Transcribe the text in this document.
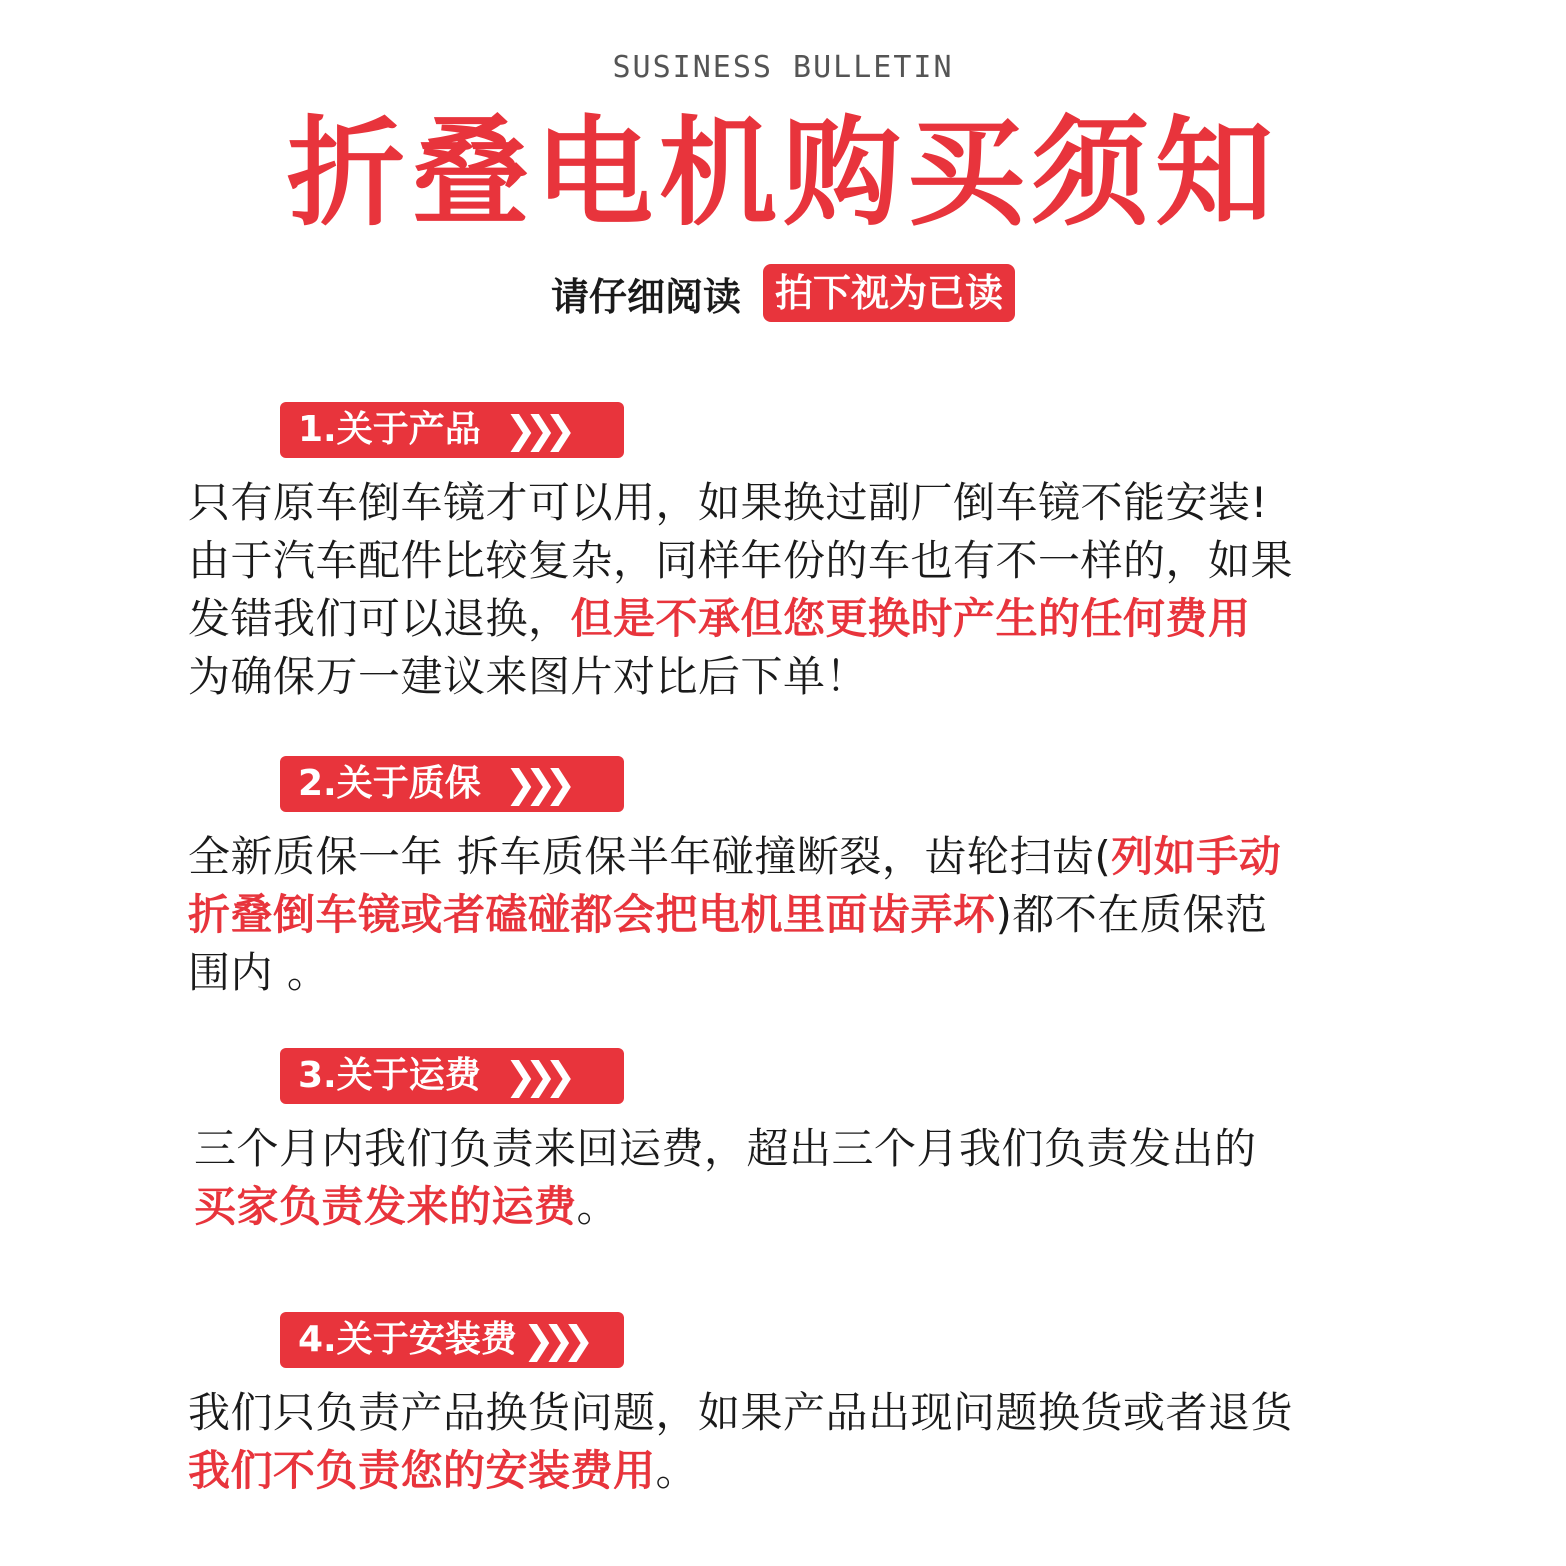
SUSINESS BULLETIN
折叠电机购买须知
请仔细阅读 拍下视为已读
1.关于产品 ❯❯❯
只有原车倒车镜才可以用，如果换过副厂倒车镜不能安装!
由于汽车配件比较复杂，同样年份的车也有不一样的，如果
发错我们可以退换，但是不承但您更换时产生的任何费用
为确保万一建议来图片对比后下单！
2.关于质保 ❯❯❯
全新质保一年 拆车质保半年碰撞断裂，齿轮扫齿(列如手动
折叠倒车镜或者磕碰都会把电机里面齿弄坏)都不在质保范
围内 。
3.关于运费 ❯❯❯
三个月内我们负责来回运费，超出三个月我们负责发出的
买家负责发来的运费。
4.关于安装费 ❯❯❯
我们只负责产品换货问题，如果产品出现问题换货或者退货
我们不负责您的安装费用。
